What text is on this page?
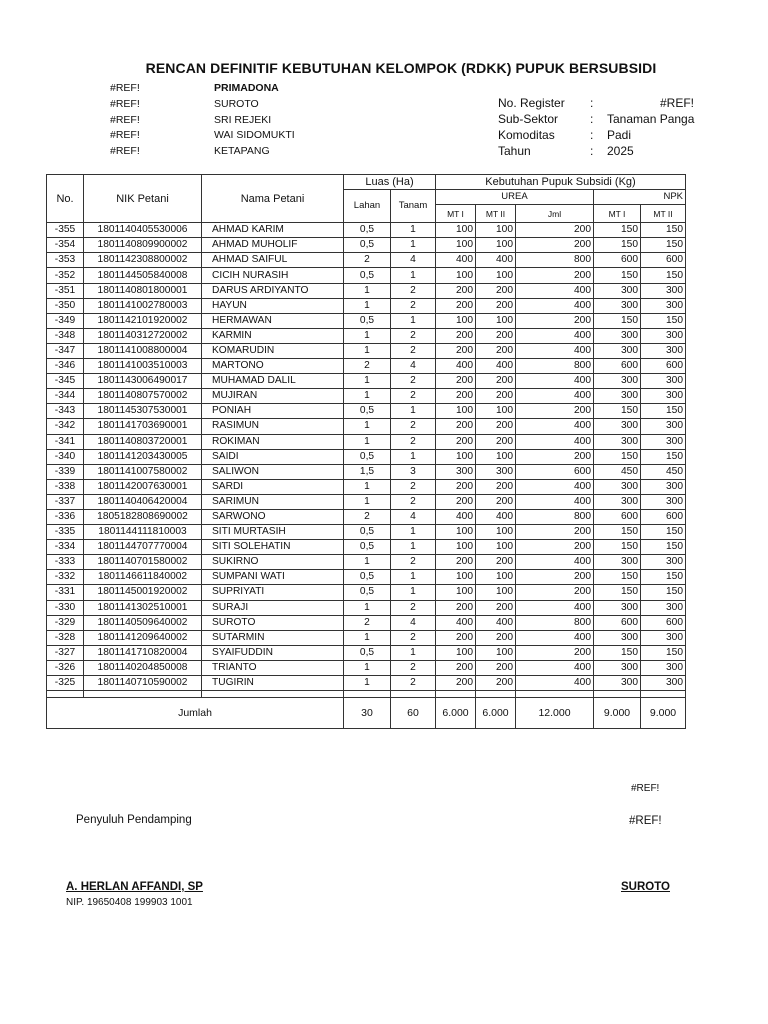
RENCAN DEFINITIF KEBUTUHAN KELOMPOK (RDKK) PUPUK BERSUBSIDI
#REF!	PRIMADONA
#REF!	SUROTO
#REF!	SRI REJEKI
#REF!	WAI SIDOMUKTI
#REF!	KETAPANG
No. Register :	#REF!
Sub-Sektor	: Tanaman Panga
Komoditas	: Padi
Tahun	: 2025
No.	NIK Petani	Nama Petani	Luas (Ha)		Kebutuhan Pupuk Subsidi (Kg)				
			Lahan	Tanam	UREA			NPK	
					MT I	MT II	Jml	MT I	MT II
-355	1801140405530006	AHMAD KARIM	0,5	1	100	100	200	150	150
-354	1801140809900002	AHMAD MUHOLIF	0,5	1	100	100	200	150	150
-353	1801142308800002	AHMAD SAIFUL	2	4	400	400	800	600	600
-352	1801144505840008	CICIH NURASIH	0,5	1	100	100	200	150	150
-351	1801140801800001	DARUS ARDIYANTO	1	2	200	200	400	300	300
-350	1801141002780003	HAYUN	1	2	200	200	400	300	300
-349	1801142101920002	HERMAWAN	0,5	1	100	100	200	150	150
-348	1801140312720002	KARMIN	1	2	200	200	400	300	300
-347	1801141008800004	KOMARUDIN	1	2	200	200	400	300	300
-346	1801141003510003	MARTONO	2	4	400	400	800	600	600
-345	1801143006490017	MUHAMAD DALIL	1	2	200	200	400	300	300
-344	1801140807570002	MUJIRAN	1	2	200	200	400	300	300
-343	1801145307530001	PONIAH	0,5	1	100	100	200	150	150
-342	1801141703690001	RASIMUN	1	2	200	200	400	300	300
-341	1801140803720001	ROKIMAN	1	2	200	200	400	300	300
-340	1801141203430005	SAIDI	0,5	1	100	100	200	150	150
-339	1801141007580002	SALIWON	1,5	3	300	300	600	450	450
-338	1801142007630001	SARDI	1	2	200	200	400	300	300
-337	1801140406420004	SARIMUN	1	2	200	200	400	300	300
-336	1805182808690002	SARWONO	2	4	400	400	800	600	600
-335	1801144111810003	SITI MURTASIH	0,5	1	100	100	200	150	150
-334	1801144707770004	SITI SOLEHATIN	0,5	1	100	100	200	150	150
-333	1801140701580002	SUKIRNO	1	2	200	200	400	300	300
-332	1801146611840002	SUMPANI WATI	0,5	1	100	100	200	150	150
-331	1801145001920002	SUPRIYATI	0,5	1	100	100	200	150	150
-330	1801141302510001	SURAJI	1	2	200	200	400	300	300
-329	1801140509640002	SUROTO	2	4	400	400	800	600	600
-328	1801141209640002	SUTARMIN	1	2	200	200	400	300	300
-327	1801141710820004	SYAIFUDDIN	0,5	1	100	100	200	150	150
-326	1801140204850008	TRIANTO	1	2	200	200	400	300	300
-325	1801140710590002	TUGIRIN	1	2	200	200	400	300	300

Jumlah			30	60	6.000	6.000	12.000	9.000	9.000
#REF!
Penyuluh Pendamping	#REF!
A. HERLAN AFFANDI, SP
NIP. 19650408 199903 1001
SUROTO
